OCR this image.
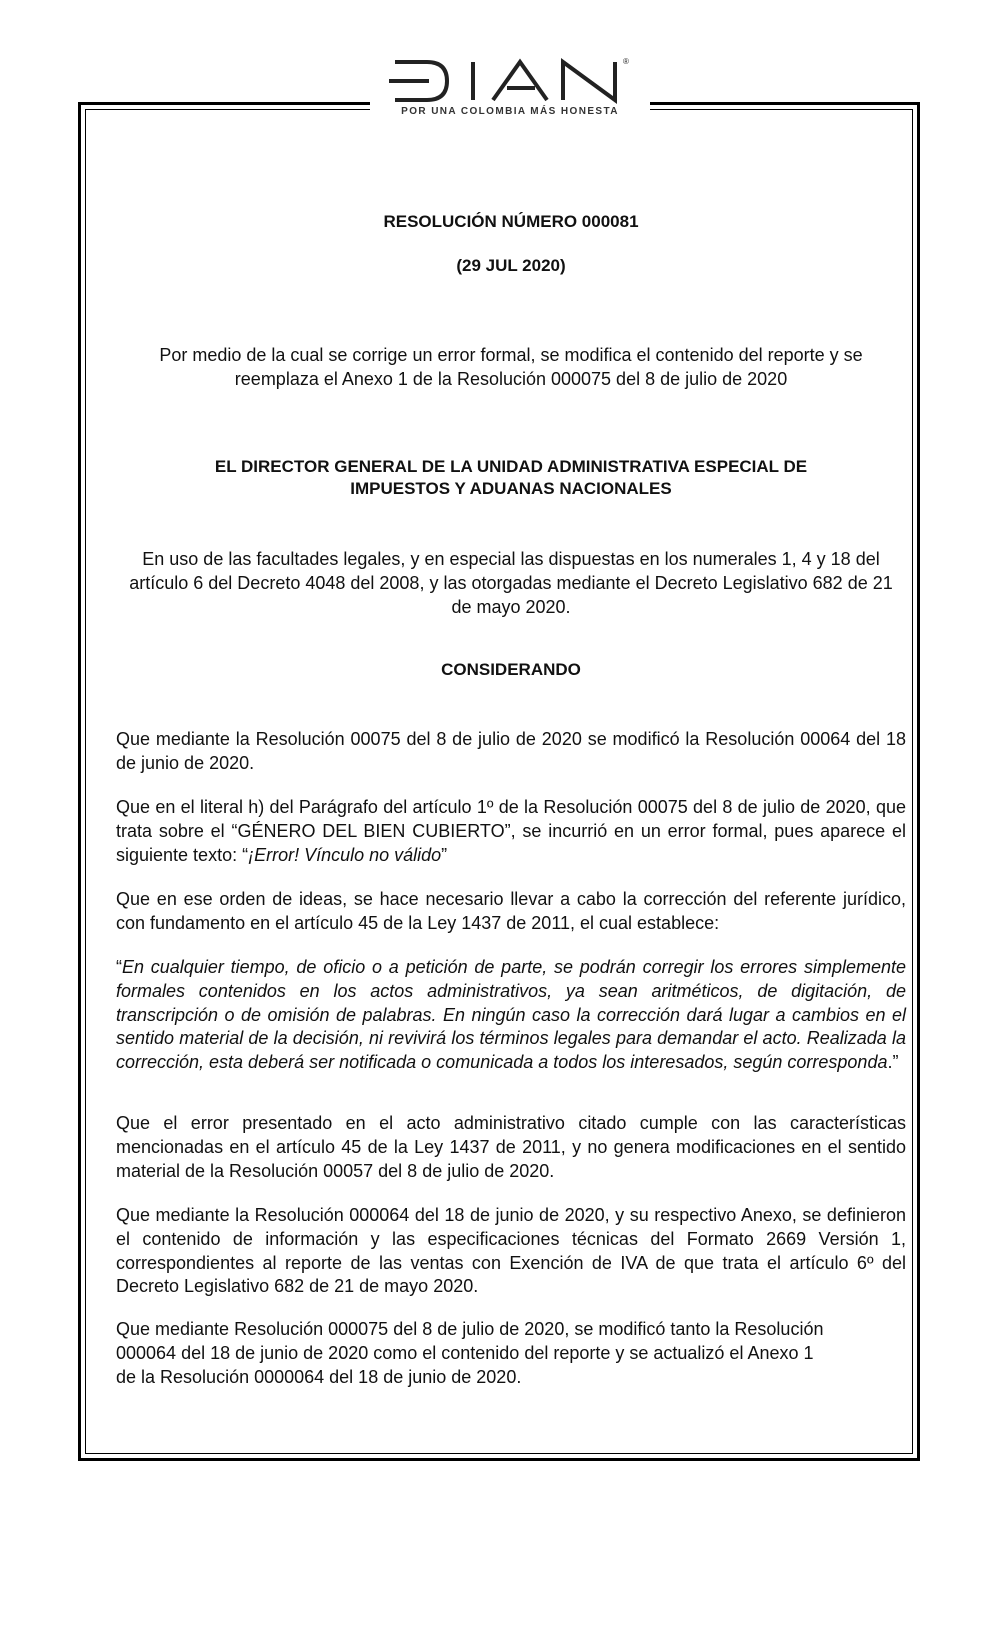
®
POR UNA COLOMBIA MÁS HONESTA
RESOLUCIÓN NÚMERO 000081
(29 JUL 2020)
Por medio de la cual se corrige un error formal, se modifica el contenido del reporte y se
reemplaza el Anexo 1 de la Resolución 000075 del 8 de julio de 2020
EL DIRECTOR GENERAL DE LA UNIDAD ADMINISTRATIVA ESPECIAL DE
IMPUESTOS Y ADUANAS NACIONALES
En uso de las facultades legales, y en especial las dispuestas en los numerales 1, 4 y 18 del artículo 6 del Decreto 4048 del 2008, y las otorgadas mediante el Decreto Legislativo 682 de 21 de mayo 2020.
CONSIDERANDO
Que mediante la Resolución 00075 del 8 de julio de 2020 se modificó la Resolución 00064 del 18 de junio de 2020.
Que en el literal h) del Parágrafo del artículo 1º de la Resolución 00075 del 8 de julio de 2020, que trata sobre el “GÉNERO DEL BIEN CUBIERTO”, se incurrió en un error formal, pues aparece el siguiente texto: “¡Error! Vínculo no válido”
Que en ese orden de ideas, se hace necesario llevar a cabo la corrección del referente jurídico, con fundamento en el artículo 45 de la Ley 1437 de 2011, el cual establece:
“En cualquier tiempo, de oficio o a petición de parte, se podrán corregir los errores simplemente formales contenidos en los actos administrativos, ya sean aritméticos, de digitación, de transcripción o de omisión de palabras. En ningún caso la corrección dará lugar a cambios en el sentido material de la decisión, ni revivirá los términos legales para demandar el acto. Realizada la corrección, esta deberá ser notificada o comunicada a todos los interesados, según corresponda.”
Que el error presentado en el acto administrativo citado cumple con las características mencionadas en el artículo 45 de la Ley 1437 de 2011, y no genera modificaciones en el sentido material de la Resolución 00057 del 8 de julio de 2020.
Que mediante la Resolución 000064 del 18 de junio de 2020, y su respectivo Anexo, se definieron el contenido de información y las especificaciones técnicas del Formato 2669 Versión 1, correspondientes al reporte de las ventas con Exención de IVA de que trata el artículo 6º del Decreto Legislativo 682 de 21 de mayo 2020.
Que mediante Resolución 000075 del 8 de julio de 2020, se modificó tanto la Resolución
000064 del 18 de junio de 2020 como el contenido del reporte y se actualizó el Anexo 1
de la Resolución 0000064 del 18 de junio de 2020.
